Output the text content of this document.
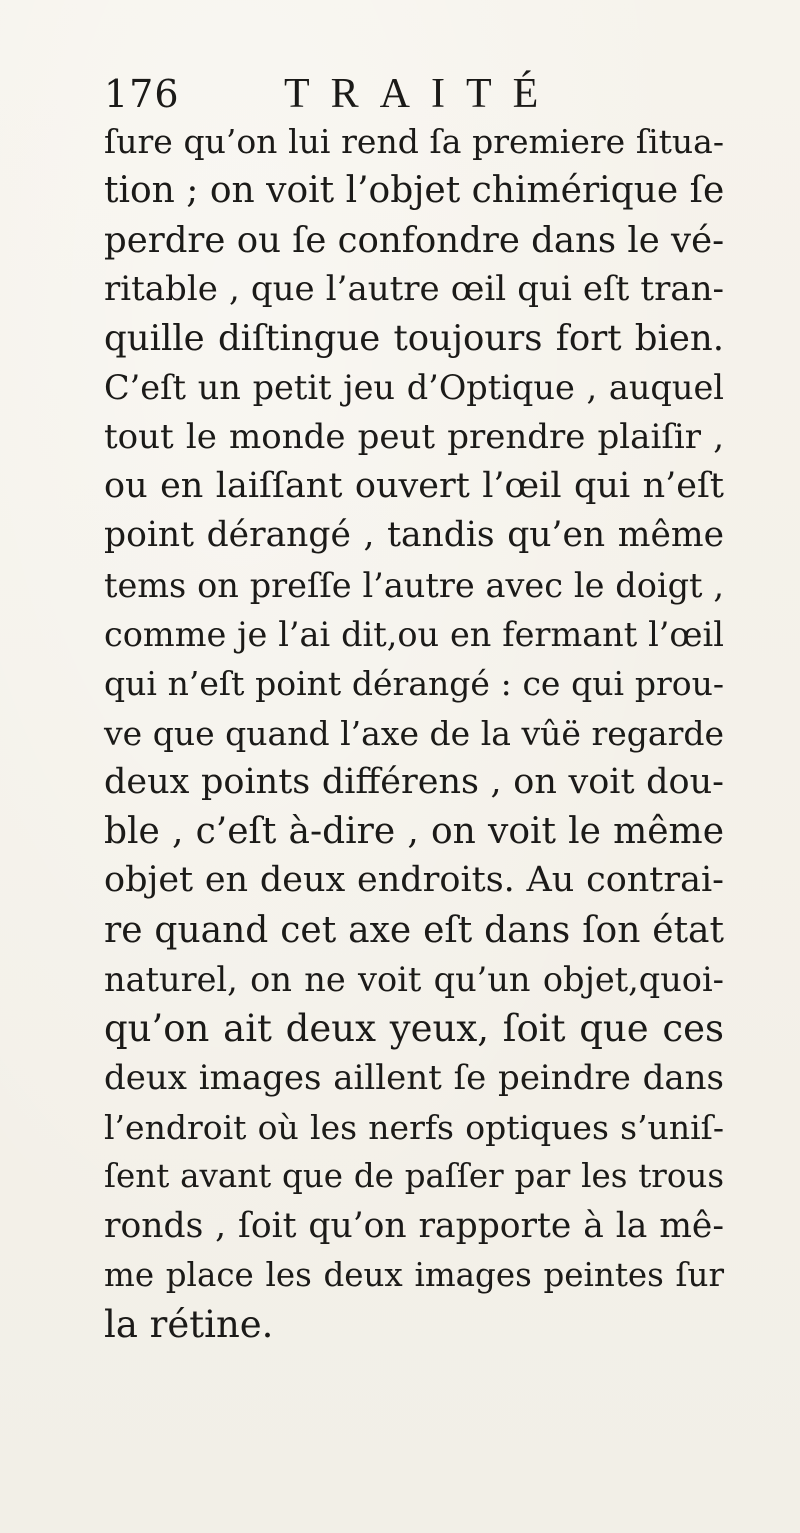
176 TRAITÉ
ſure qu’on lui rend ſa premiere ſitua-
tion ; on voit l’objet chimérique ſe
perdre ou ſe confondre dans le vé-
ritable , que l’autre œil qui eſt tran-
quille diſtingue toujours fort bien.
C’eſt un petit jeu d’Optique , auquel
tout le monde peut prendre plaiſir ,
ou en laiſſant ouvert l’œil qui n’eſt
point dérangé , tandis qu’en même
tems on preſſe l’autre avec le doigt ,
comme je l’ai dit,ou en fermant l’œil
qui n’eſt point dérangé : ce qui prou-
ve que quand l’axe de la vûë regarde
deux points différens , on voit dou-
ble , c’eſt à-dire , on voit le même
objet en deux endroits. Au contrai-
re quand cet axe eſt dans ſon état
naturel, on ne voit qu’un objet,quoi-
qu’on ait deux yeux, ſoit que ces
deux images aillent ſe peindre dans
l’endroit où les nerfs optiques s’uniſ-
ſent avant que de paſſer par les trous
ronds , ſoit qu’on rapporte à la mê-
me place les deux images peintes ſur
la rétine.
